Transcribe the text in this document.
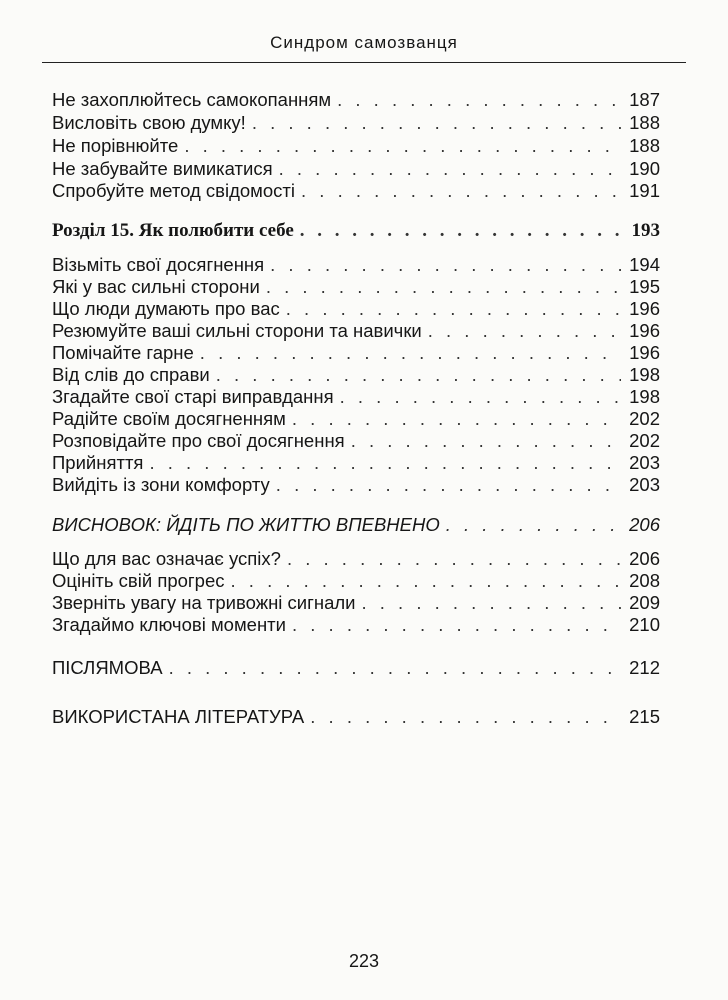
Синдром самозванця
Не захоплюйтесь самокопанням . . .	187
Висловіть свою думку! . . .	188
Не порівнюйте . . .	188
Не забувайте вимикатися . . .	190
Спробуйте метод свідомості . . .	191
Розділ 15. Як полюбити себе . . .	193
Візьміть свої досягнення . . .	194
Які у вас сильні сторони . . .	195
Що люди думають про вас . . .	196
Резюмуйте ваші сильні сторони та навички . . .	196
Помічайте гарне . . .	196
Від слів до справи . . .	198
Згадайте свої старі виправдання . . .	198
Радійте своїм досягненням . . .	202
Розповідайте про свої досягнення . . .	202
Прийняття . . .	203
Вийдіть із зони комфорту . . .	203
ВИСНОВОК: ЙДІТЬ ПО ЖИТТЮ ВПЕВНЕНО . . .	206
Що для вас означає успіх? . . .	206
Оцініть свій прогрес . . .	208
Зверніть увагу на тривожні сигнали . . .	209
Згадаймо ключові моменти . . .	210
ПІСЛЯМОВА . . .	212
ВИКОРИСТАНА ЛІТЕРАТУРА . . .	215
223
